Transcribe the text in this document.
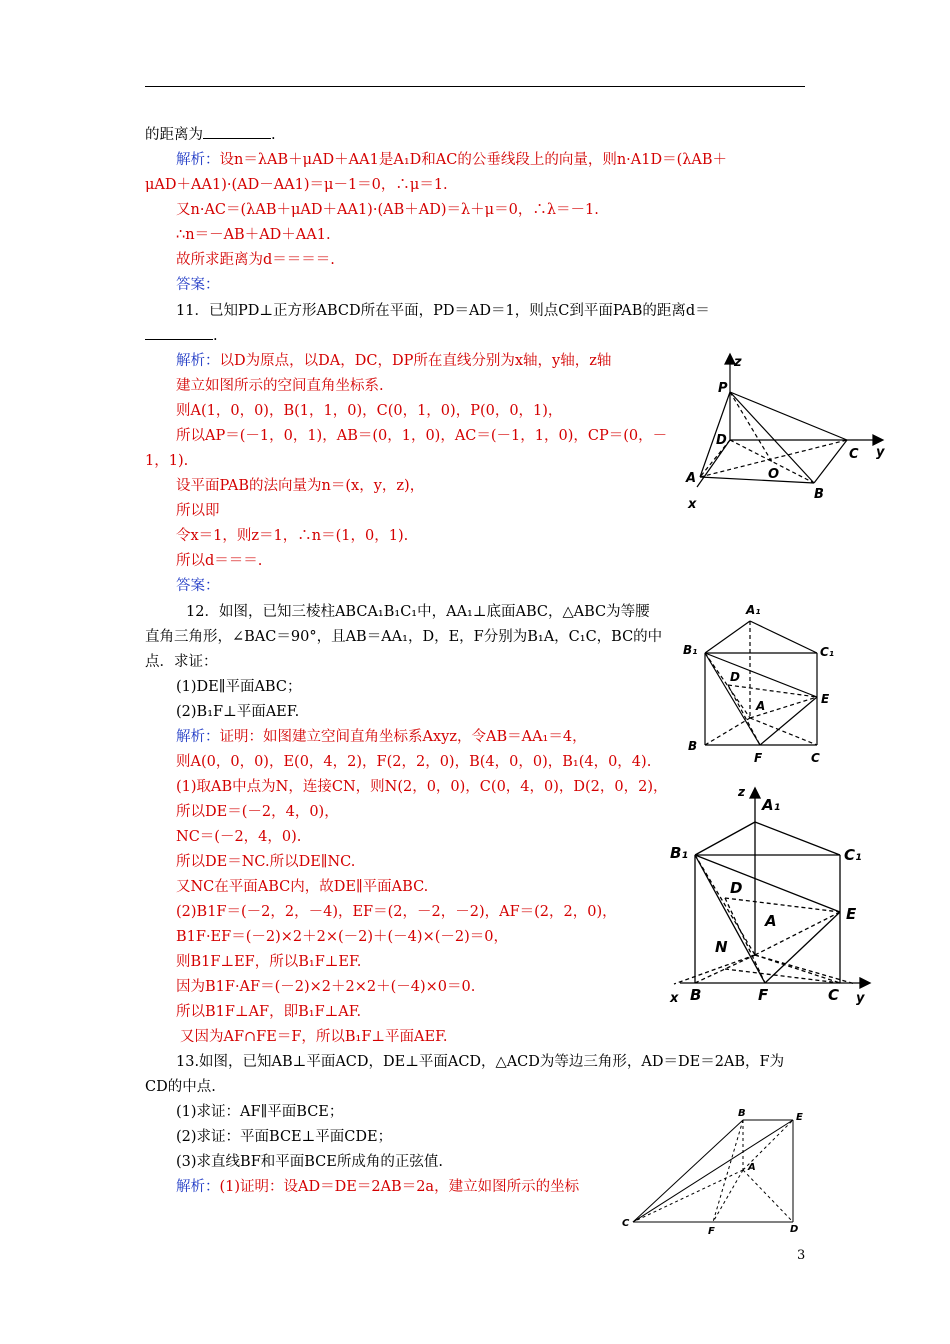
的距离为	.
解析：设n＝λAB＋μAD＋AA1是A₁D和AC的公垂线段上的向量，则n·A1D＝(λAB＋
μAD＋AA1)·(AD－AA1)＝μ－1＝0，∴μ＝1.
又n·AC＝(λAB＋μAD＋AA1)·(AB＋AD)＝λ＋μ＝0，∴λ＝－1.
∴n＝－AB＋AD＋AA1.
故所求距离为d＝＝＝＝.
答案：
11．已知PD⊥正方形ABCD所在平面，PD＝AD＝1，则点C到平面PAB的距离d＝
.
解析：以D为原点，以DA，DC，DP所在直线分别为x轴，y轴，z轴
建立如图所示的空间直角坐标系.
则A(1，0，0)，B(1，1，0)，C(0，1，0)，P(0，0，1)，
所以AP＝(－1，0，1)，AB＝(0，1，0)，AC＝(－1，1，0)，CP＝(0，－
1，1).
设平面PAB的法向量为n＝(x，y，z)，
所以即
令x＝1，则z＝1，∴n＝(1，0，1).
所以d＝＝＝.
答案：
12．如图，已知三棱柱ABCA₁B₁C₁中，AA₁⊥底面ABC，△ABC为等腰
直角三角形，∠BAC＝90°，且AB＝AA₁，D，E，F分别为B₁A，C₁C，BC的中
点．求证：
(1)DE∥平面ABC；
(2)B₁F⊥平面AEF.
解析：证明：如图建立空间直角坐标系Axyz，令AB＝AA₁＝4，
则A(0，0，0)，E(0，4，2)，F(2，2，0)，B(4，0，0)，B₁(4，0，4).
(1)取AB中点为N，连接CN，则N(2，0，0)，C(0，4，0)，D(2，0，2)，
所以DE＝(－2，4，0)，
NC＝(－2，4，0).
所以DE＝NC.所以DE∥NC.
又NC在平面ABC内，故DE∥平面ABC.
(2)B1F＝(－2，2，－4)，EF＝(2，－2，－2)，AF＝(2，2，0)，
B1F·EF＝(－2)×2＋2×(－2)＋(－4)×(－2)＝0，
则B1F⊥EF，所以B₁F⊥EF.
因为B1F·AF＝(－2)×2＋2×2＋(－4)×0＝0.
所以B1F⊥AF，即B₁F⊥AF.
又因为AF∩FE＝F，所以B₁F⊥平面AEF.
13.如图，已知AB⊥平面ACD，DE⊥平面ACD，△ACD为等边三角形，AD＝DE＝2AB，F为
CD的中点.
(1)求证：AF∥平面BCE；
(2)求证：平面BCE⊥平面CDE；
(3)求直线BF和平面BCE所成角的正弦值.
解析：(1)证明：设AD＝DE＝2AB＝2a，建立如图所示的坐标
z
P
D
C y
O
A
B
x
A₁
B₁	C₁
D
E
A
B
F	C
z
A₁
B₁	C₁
D
E
A
N
x B	F	C y
B	E
A
C
F	D
3
